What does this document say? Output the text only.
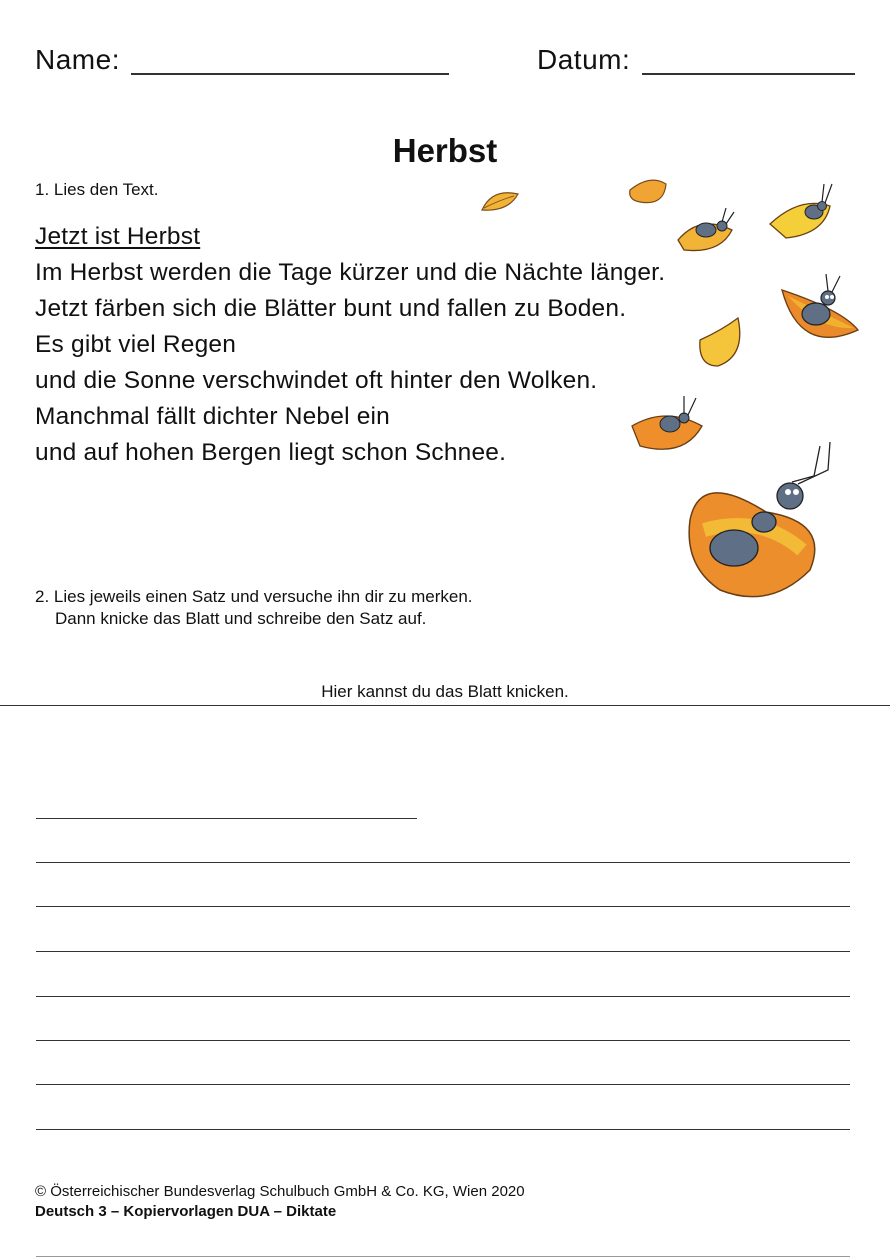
Name:	Datum:
Herbst
1. Lies den Text.
Jetzt ist Herbst
Im Herbst werden die Tage kürzer und die Nächte länger.
Jetzt färben sich die Blätter bunt und fallen zu Boden.
Es gibt viel Regen
und die Sonne verschwindet oft hinter den Wolken.
Manchmal fällt dichter Nebel ein
und auf hohen Bergen liegt schon Schnee.
2. Lies jeweils einen Satz und versuche ihn dir zu merken.
Dann knicke das Blatt und schreibe den Satz auf.
Hier kannst du das Blatt knicken.
© Österreichischer Bundesverlag Schulbuch GmbH & Co. KG, Wien 2020
Deutsch 3 – Kopiervorlagen DUA – Diktate
